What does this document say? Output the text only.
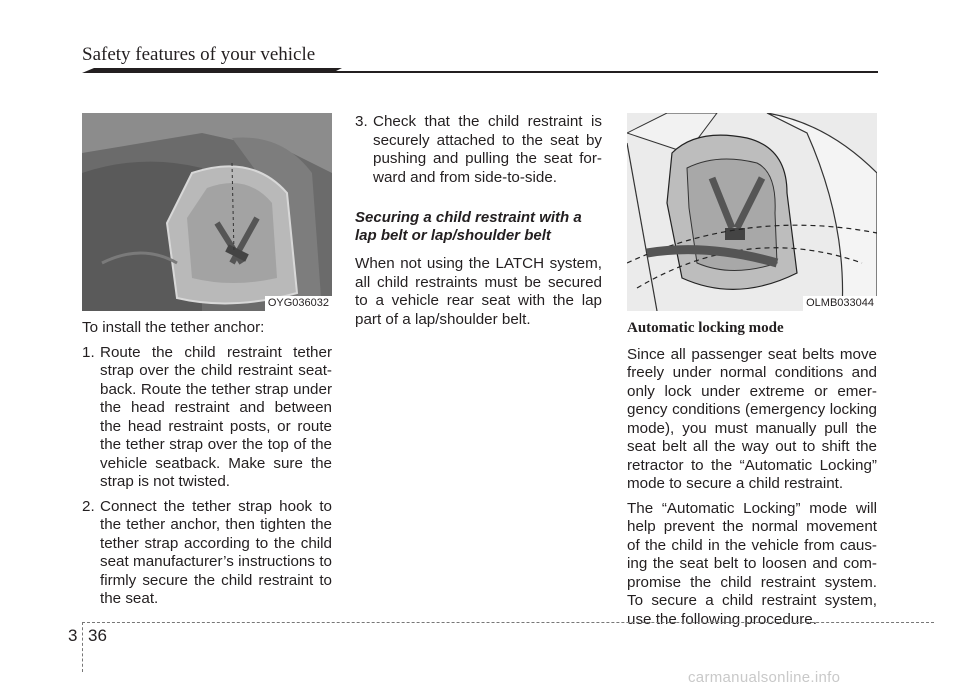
Safety features of your vehicle
OYG036032

To install the tether anchor:

1. Route the child restraint tether strap over the child restraint seat-back. Route the tether strap under the head restraint and between the head restraint posts, or route the tether strap over the top of the vehicle seatback. Make sure the strap is not twisted.
2. Connect the tether strap hook to the tether anchor, then tighten the tether strap according to the child seat manufacturer’s instructions to firmly secure the child restraint to the seat.
3. Check that the child restraint is securely attached to the seat by pushing and pulling the seat for-ward and from side-to-side.
Securing a child restraint with a lap belt or lap/shoulder belt

When not using the LATCH system, all child restraints must be secured to a vehicle rear seat with the lap part of a lap/shoulder belt.

OLMB033044
Automatic locking mode

Since all passenger seat belts move freely under normal conditions and only lock under extreme or emer-gency conditions (emergency locking mode), you must manually pull the seat belt all the way out to shift the retractor to the “Automatic Locking” mode to secure a child restraint.

The “Automatic Locking” mode will help prevent the normal movement of the child in the vehicle from caus-ing the seat belt to loosen and com-promise the child restraint system. To secure a child restraint system, use the following procedure.

3 36
carmanualsonline.info
